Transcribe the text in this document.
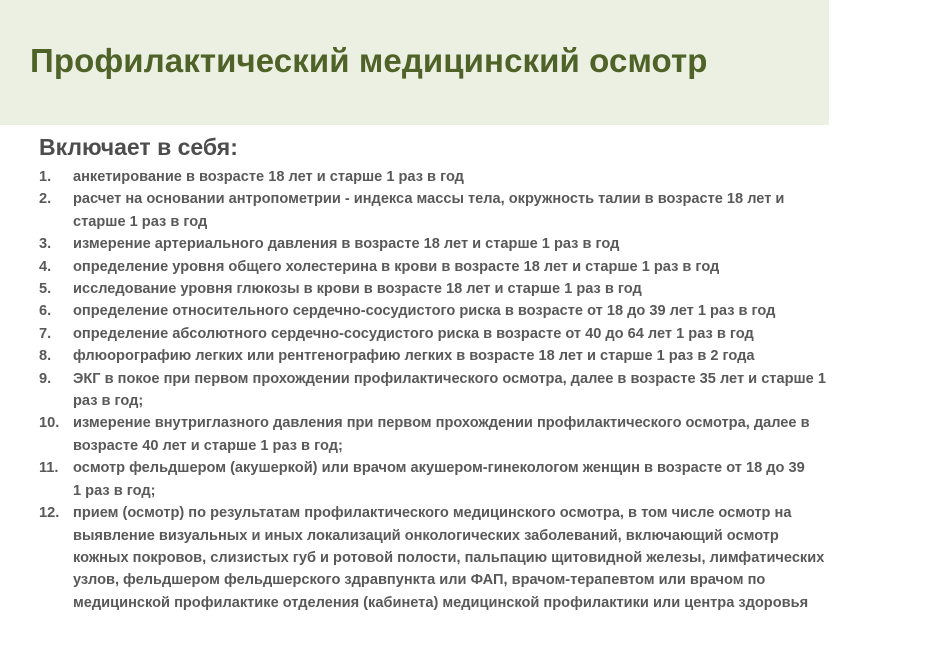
Профилактический медицинский осмотр
Включает в себя:
1.	анкетирование в возрасте 18 лет и старше 1 раз в год
2.	расчет на основании антропометрии - индекса массы тела, окружность талии в возрасте 18 лет и
старше 1 раз в год
3.	измерение артериального давления в возрасте 18 лет и старше 1 раз в год
4.	определение уровня общего холестерина в крови в возрасте 18 лет и старше 1 раз в год
5.	исследование уровня глюкозы в крови в возрасте 18 лет и старше 1 раз в год
6.	определение относительного сердечно-сосудистого риска в возрасте от 18 до 39 лет 1 раз в год
7.	определение абсолютного сердечно-сосудистого риска в возрасте от 40 до 64 лет 1 раз в год
8.	флюорографию легких или рентгенографию легких в возрасте 18 лет и старше 1 раз в 2 года
9.	ЭКГ в покое при первом прохождении профилактического осмотра, далее в возрасте 35 лет и старше 1
раз в год;
10. измерение внутриглазного давления при первом прохождении профилактического осмотра, далее в
возрасте 40 лет и старше 1 раз в год;
11. осмотр фельдшером (акушеркой) или врачом акушером-гинекологом женщин в возрасте от 18 до 39
1 раз в год;
12. прием (осмотр) по результатам профилактического медицинского осмотра, в том числе осмотр на
выявление визуальных и иных локализаций онкологических заболеваний, включающий осмотр
кожных покровов, слизистых губ и ротовой полости, пальпацию щитовидной железы, лимфатических
узлов, фельдшером фельдшерского здравпункта или ФАП, врачом-терапевтом или врачом по
медицинской профилактике отделения (кабинета) медицинской профилактики или центра здоровья
